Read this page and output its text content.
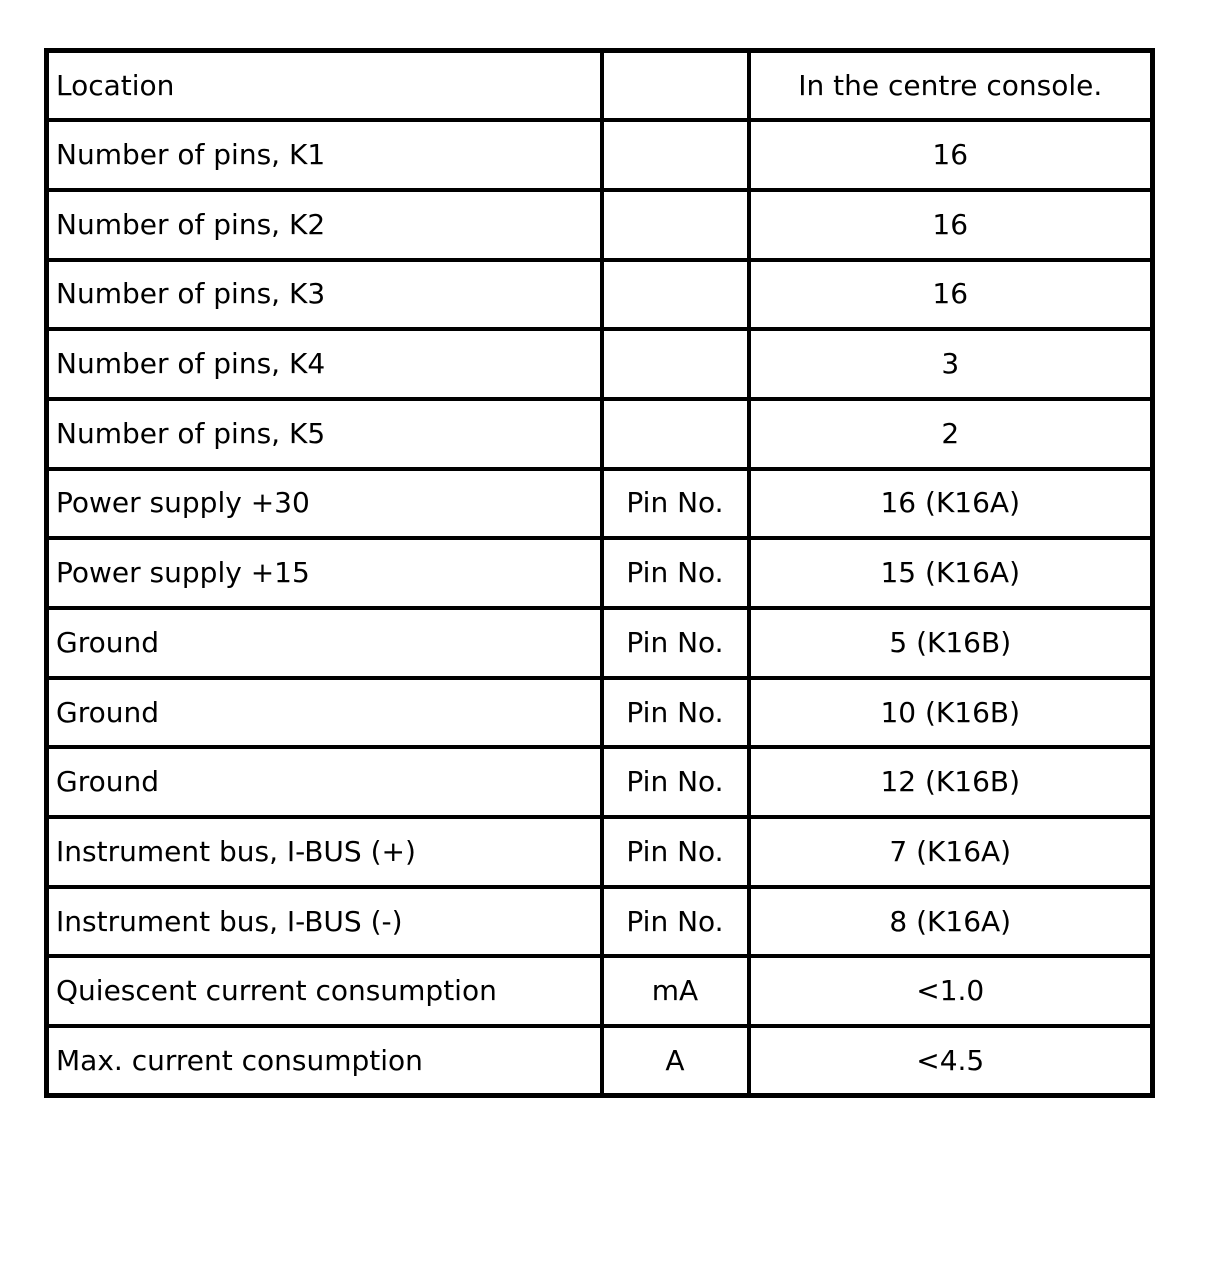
Location		In the centre console.
Number of pins, K1		16
Number of pins, K2		16
Number of pins, K3		16
Number of pins, K4		3
Number of pins, K5		2
Power supply +30	Pin No.	16 (K16A)
Power supply +15	Pin No.	15 (K16A)
Ground	Pin No.	5 (K16B)
Ground	Pin No.	10 (K16B)
Ground	Pin No.	12 (K16B)
Instrument bus, I-BUS (+)	Pin No.	7 (K16A)
Instrument bus, I-BUS (-)	Pin No.	8 (K16A)
Quiescent current consumption	mA	<1.0
Max. current consumption	A	<4.5
